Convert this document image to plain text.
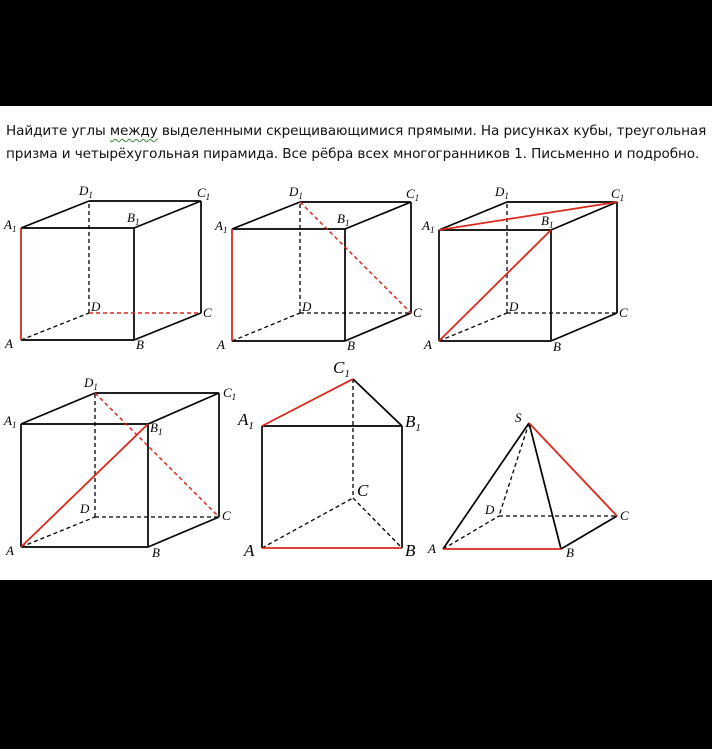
Найдите углы между выделенными скрещивающимися прямыми. На рисунках кубы, треугольная призма и четырёхугольная пирамида. Все рёбра всех многогранников 1. Письменно и подробно.

A	B
C
D
$A_1$
$B_1$
$C_1$
$D_1$
A	B
C
D
$A_1$
$B_1$
$C_1$
$D_1$
A	B
C
D
$A_1$
$B_1$
$C_1$
$D_1$
A	B
C
D
$A_1$	$B_1$
$C_1$
$D_1$
A	B
C
$A_1$	$B_1$
$C_1$
S
A	B
C
D
